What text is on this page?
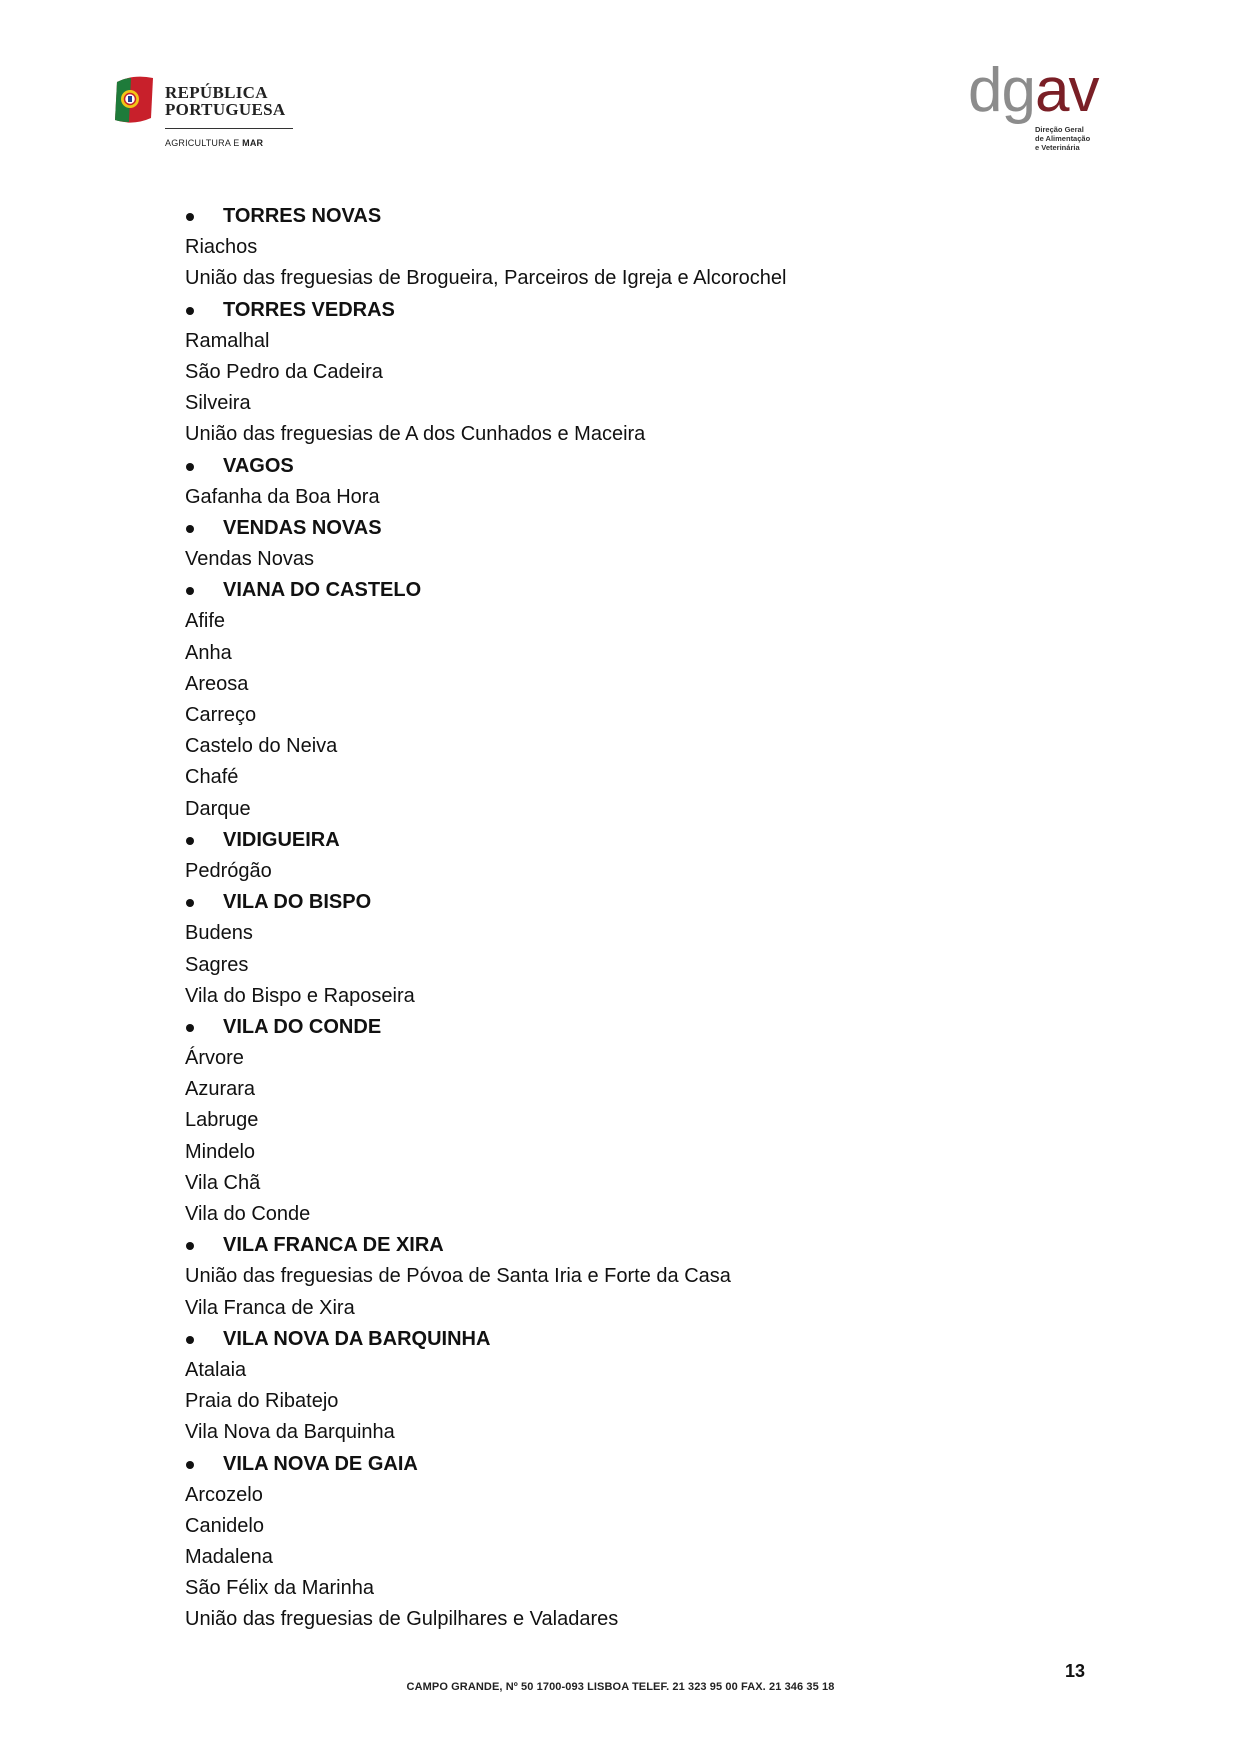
REPÚBLICA
PORTUGUESA
AGRICULTURA E MAR
dgav
Direção Geral
de Alimentação
e Veterinária
TORRES NOVAS
Riachos
União das freguesias de Brogueira, Parceiros de Igreja e Alcorochel
TORRES VEDRAS
Ramalhal
São Pedro da Cadeira
Silveira
União das freguesias de A dos Cunhados e Maceira
VAGOS
Gafanha da Boa Hora
VENDAS NOVAS
Vendas Novas
VIANA DO CASTELO
Afife
Anha
Areosa
Carreço
Castelo do Neiva
Chafé
Darque
VIDIGUEIRA
Pedrógão
VILA DO BISPO
Budens
Sagres
Vila do Bispo e Raposeira
VILA DO CONDE
Árvore
Azurara
Labruge
Mindelo
Vila Chã
Vila do Conde
VILA FRANCA DE XIRA
União das freguesias de Póvoa de Santa Iria e Forte da Casa
Vila Franca de Xira
VILA NOVA DA BARQUINHA
Atalaia
Praia do Ribatejo
Vila Nova da Barquinha
VILA NOVA DE GAIA
Arcozelo
Canidelo
Madalena
São Félix da Marinha
União das freguesias de Gulpilhares e Valadares
13
CAMPO GRANDE, Nº 50 1700-093 LISBOA TELEF. 21 323 95 00 FAX. 21 346 35 18
